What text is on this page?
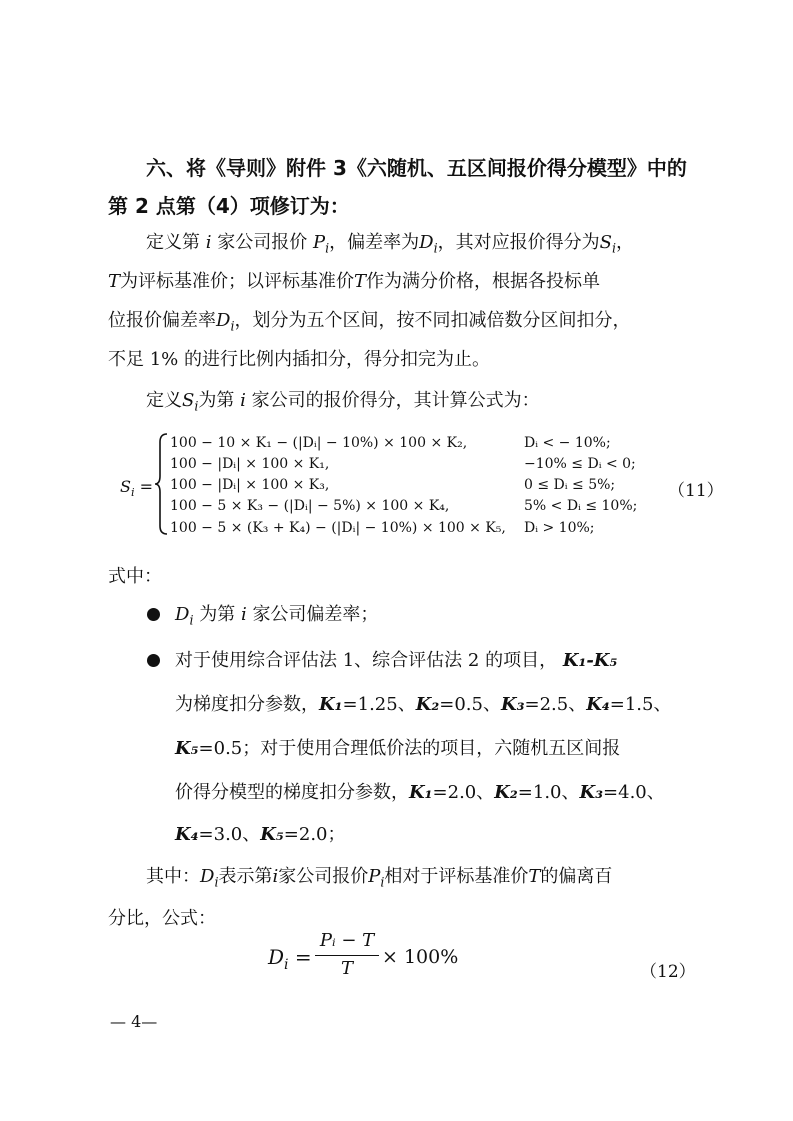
六、将《导则》附件 3《六随机、五区间报价得分模型》中的
第 2 点第（4）项修订为：
定义第 i 家公司报价 $P_i$，偏差率为$D_i$，其对应报价得分为$S_i$，
T为评标基准价；以评标基准价T作为满分价格，根据各投标单
位报价偏差率$D_i$，划分为五个区间，按不同扣减倍数分区间扣分，
不足 1% 的进行比例内插扣分，得分扣完为止。
定义$S_i$为第 i 家公司的报价得分，其计算公式为：
$S_i$ =
100 − 10 × K₁ − (|Dᵢ| − 10%) × 100 × K₂,	Dᵢ < − 10%;
100 − |Dᵢ| × 100 × K₁,	−10% ≤ Dᵢ < 0;
100 − |Dᵢ| × 100 × K₃,	0 ≤ Dᵢ ≤ 5%;
100 − 5 × K₃ − (|Dᵢ| − 5%) × 100 × K₄,	5% < Dᵢ ≤ 10%;
100 − 5 × (K₃ + K₄) − (|Dᵢ| − 10%) × 100 × K₅, Dᵢ > 10%;
（11）
式中：
$D_i$ 为第 i 家公司偏差率；
对于使用综合评估法 1、综合评估法 2 的项目， K₁-K₅
为梯度扣分参数，K₁=1.25、K₂=0.5、K₃=2.5、K₄=1.5、
K₅=0.5；对于使用合理低价法的项目，六随机五区间报
价得分模型的梯度扣分参数，K₁=2.0、K₂=1.0、K₃=4.0、
K₄=3.0、K₅=2.0；
其中：$D_i$表示第i家公司报价$P_i$相对于评标基准价T的偏离百
分比，公式：
$D_i$ =
Pᵢ − T
T
× 100%
（12）
— 4—
